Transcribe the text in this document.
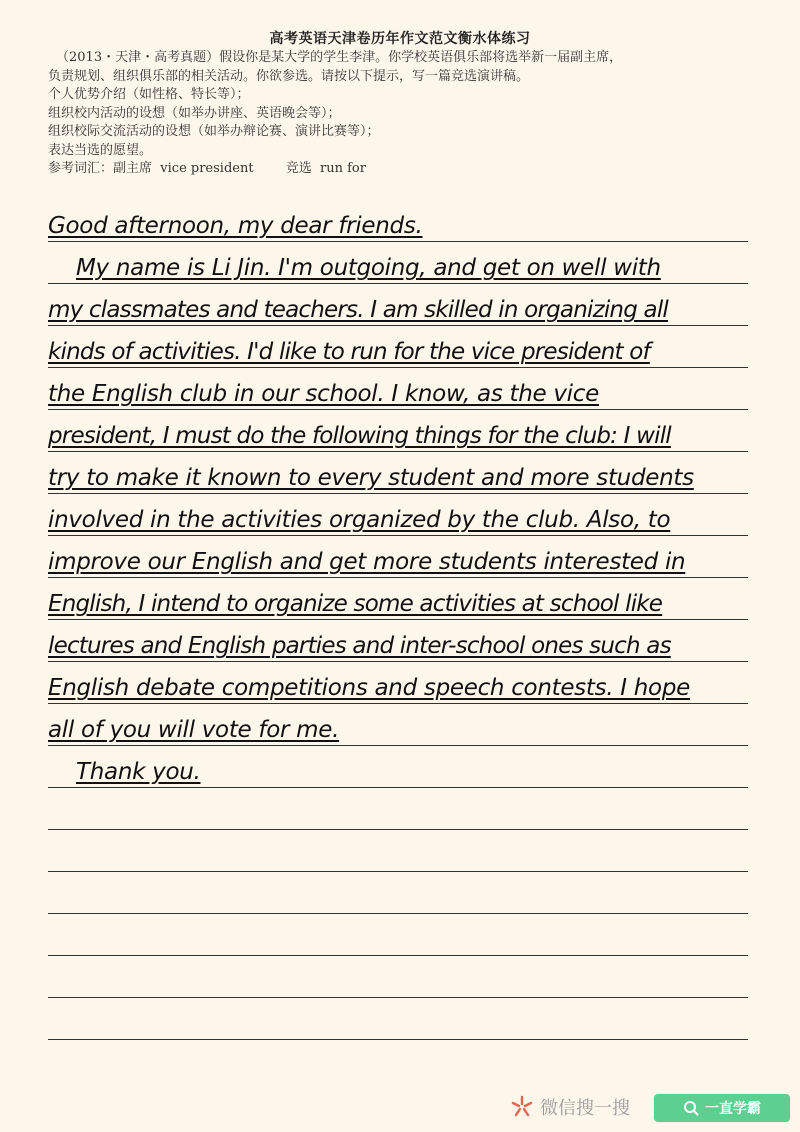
高考英语天津卷历年作文范文衡水体练习

（2013・天津・高考真题）假设你是某大学的学生李津。你学校英语俱乐部将选举新一届副主席，

负责规划、组织俱乐部的相关活动。你欲参选。请按以下提示，写一篇竞选演讲稿。

个人优势介绍（如性格、特长等）；

组织校内活动的设想（如举办讲座、英语晚会等）；

组织校际交流活动的设想（如举办辩论赛、演讲比赛等）；

表达当选的愿望。

参考词汇：副主席 vice president 竞选 run for

Good afternoon, my dear friends.
My name is Li Jin. I'm outgoing, and get on well with
my classmates and teachers. I am skilled in organizing all
kinds of activities. I'd like to run for the vice president of
the English club in our school. I know, as the vice
president, I must do the following things for the club: I will
try to make it known to every student and more students
involved in the activities organized by the club. Also, to
improve our English and get more students interested in
English, I intend to organize some activities at school like
lectures and English parties and inter-school ones such as
English debate competitions and speech contests. I hope
all of you will vote for me.
Thank you.
微信搜一搜	一直学霸
